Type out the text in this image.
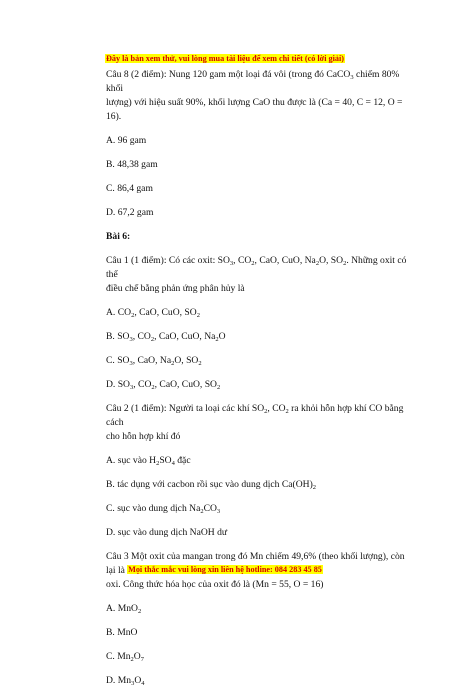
Đây là bản xem thử, vui lòng mua tài liệu để xem chi tiết (có lời giải)

Câu 8 (2 điểm): Nung 120 gam một loại đá vôi (trong đó CaCO$_3$ chiếm 80% khối

lượng) với hiệu suất 90%, khối lượng CaO thu được là (Ca = 40, C = 12, O = 16).

A. 96 gam

B. 48,38 gam

C. 86,4 gam

D. 67,2 gam

Bài 6:

Câu 1 (1 điểm): Có các oxit: $SO_3$, $CO_2$, CaO, CuO, $Na_2O$, $SO_2$. Những oxit có thể

điều chế bằng phản ứng phân hủy là

A. $CO_2$, CaO, CuO, $SO_2$

B. $SO_3$, $CO_2$, CaO, CuO, $Na_2O$

C. $SO_3$, CaO, $Na_2O$, $SO_2$

D. $SO_3$, $CO_2$, CaO, CuO, $SO_2$

Câu 2 (1 điểm): Người ta loại các khí $SO_2$, $CO_2$ ra khỏi hỗn hợp khí CO bằng cách

cho hỗn hợp khí đó

A. sục vào $H_2SO_4$ đặc

B. tác dụng với cacbon rồi sục vào dung dịch $Ca(OH)_2$

C. sục vào dung dịch $Na_2CO_3$

D. sục vào dung dịch NaOH dư

Câu 3 Một oxit của mangan trong đó Mn chiếm 49,6% (theo khối lượng), còn lại là

oxi. Công thức hóa học của oxit đó là (Mn = 55, O = 16)

A. MnO$_2$

B. MnO

C. $Mn_2O_7$

D. $Mn_3O_4$

Mọi thắc mắc vui lòng xin liên hệ hotline: 084 283 45 85
